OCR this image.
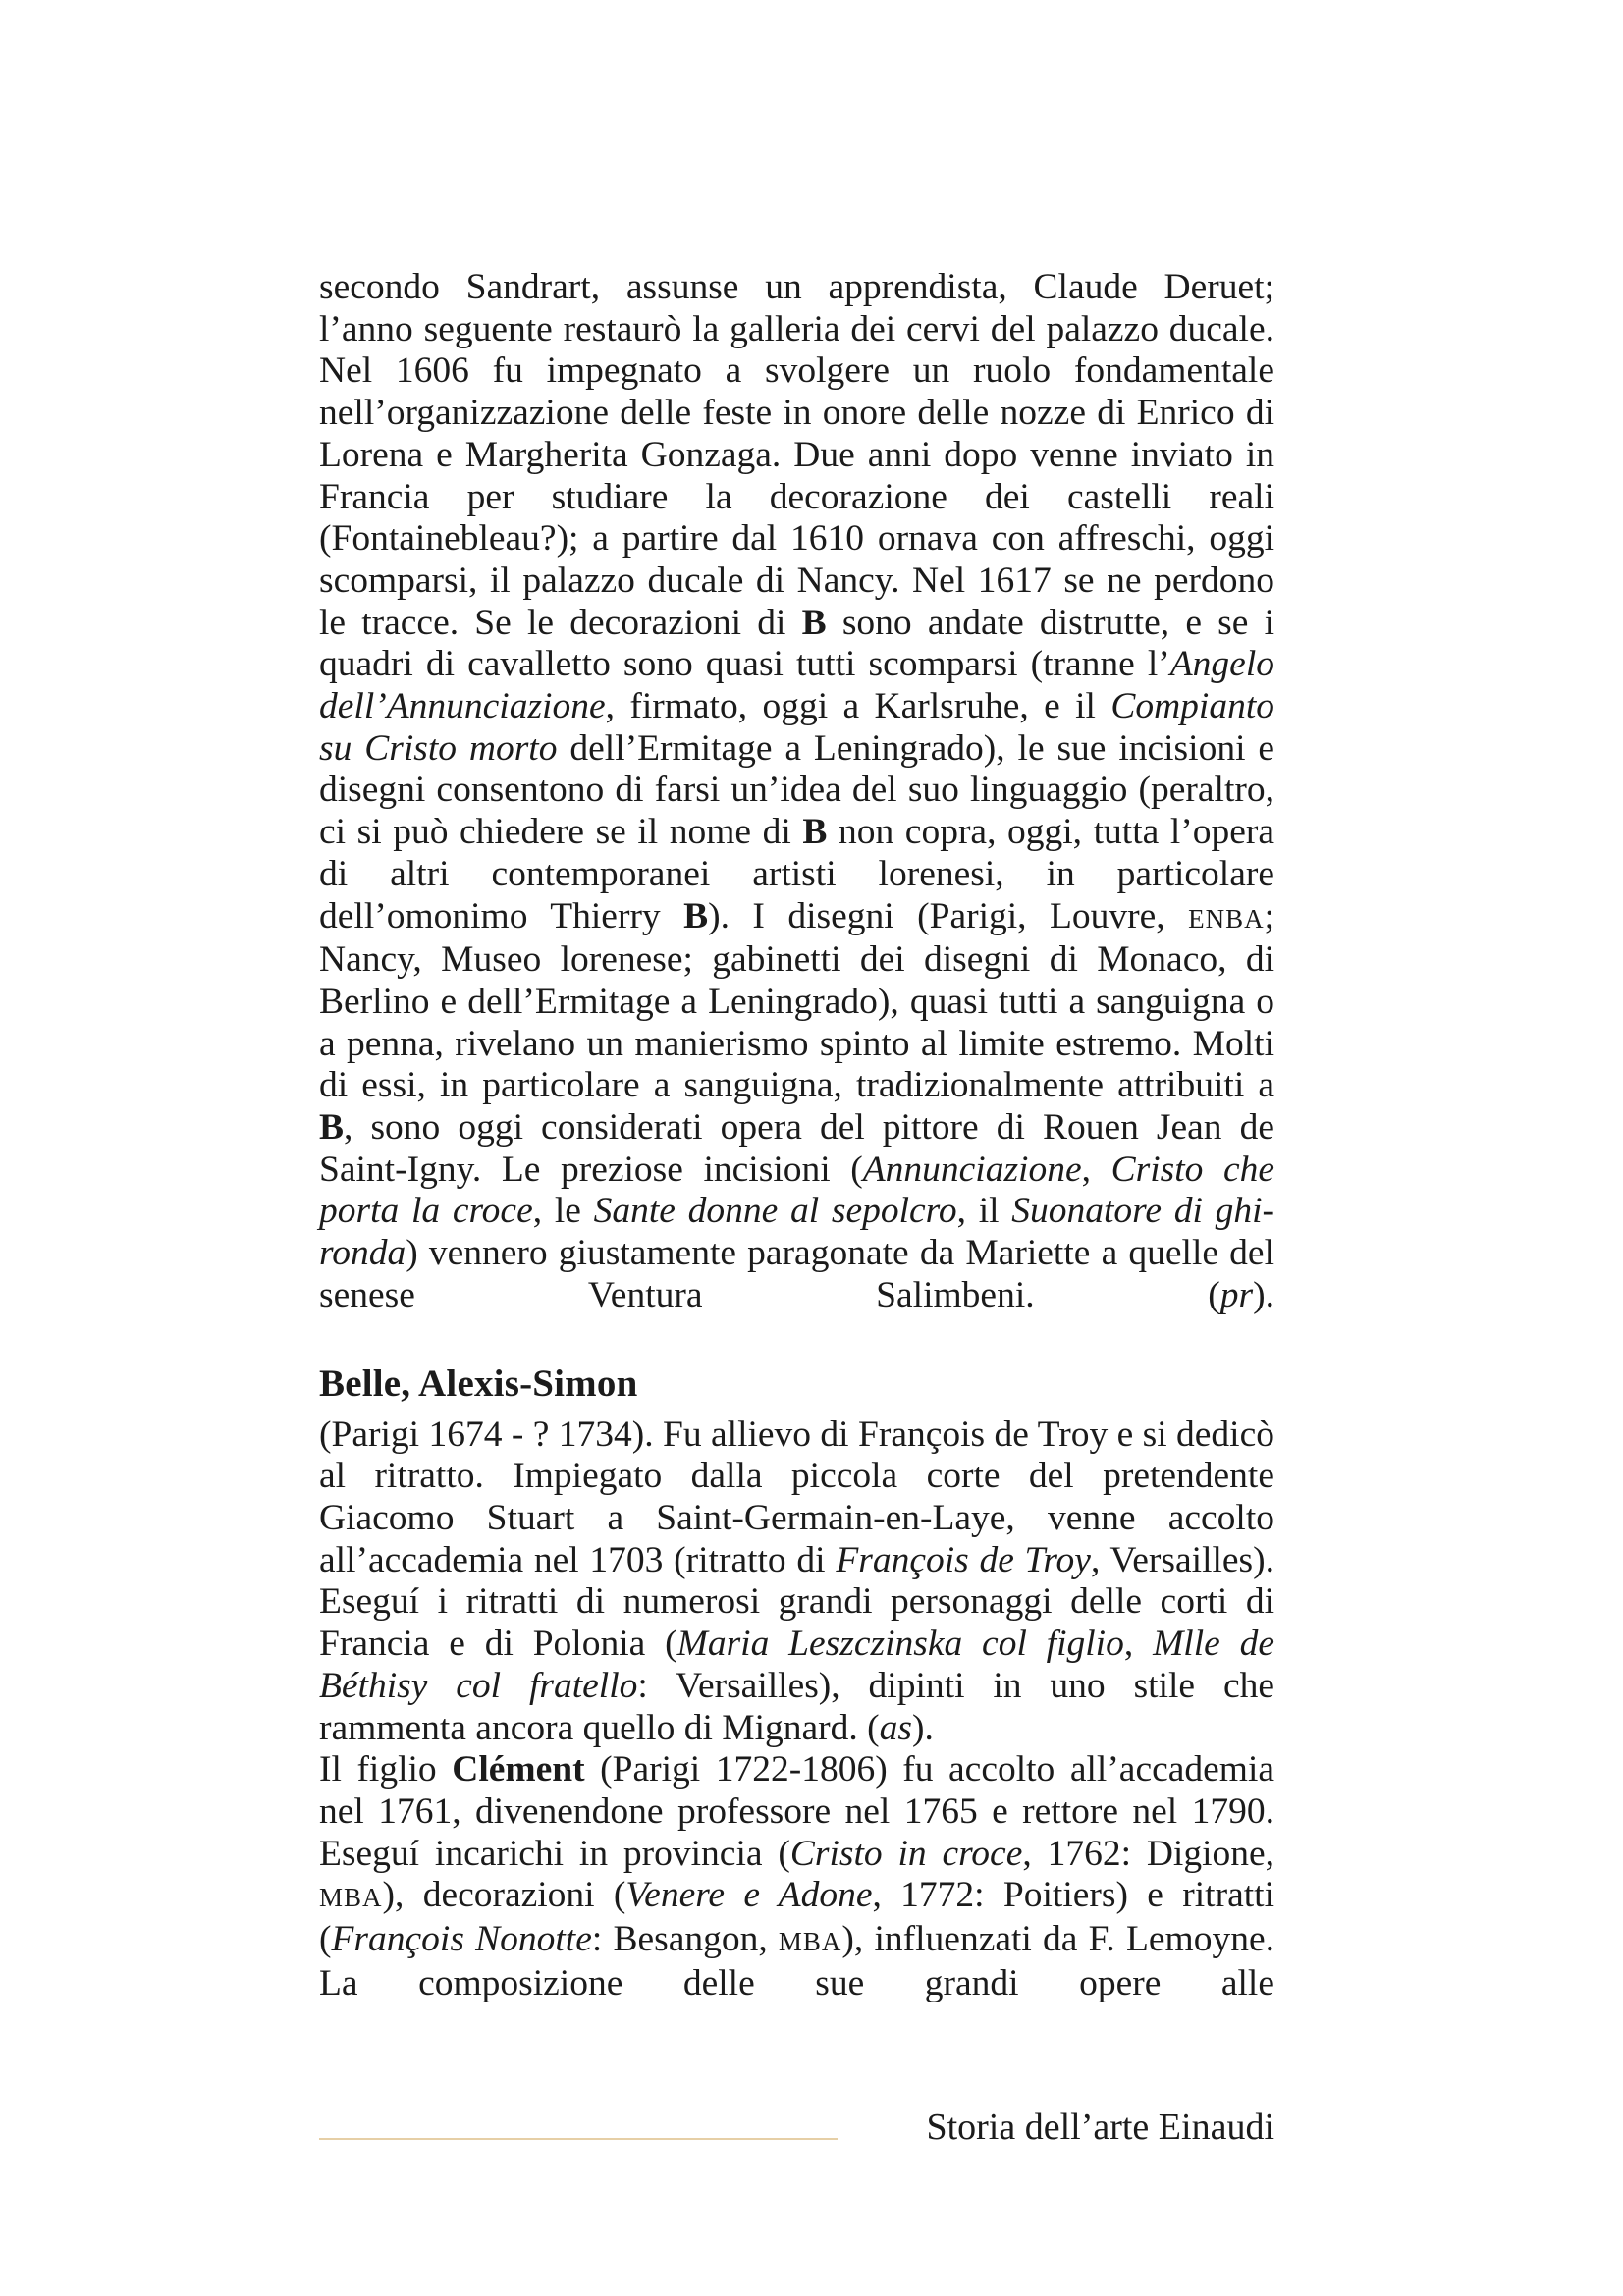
secondo Sandrart, assunse un apprendista, Claude Deruet; l’anno seguente restaurò la galleria dei cervi del palazzo ducale. Nel 1606 fu impegnato a svolgere un ruolo fondamentale nell’organizzazione delle feste in onore delle nozze di Enrico di Lorena e Margherita Gonzaga. Due anni dopo venne inviato in Francia per studiare la decorazione dei castelli reali (Fontainebleau?); a partire dal 1610 ornava con affreschi, oggi scomparsi, il palazzo ducale di Nancy. Nel 1617 se ne perdono le tracce. Se le decorazioni di B sono andate distrutte, e se i quadri di cavalletto sono quasi tutti scomparsi (tranne l’Angelo dell’Annunciazione, firmato, oggi a Karlsruhe, e il Compianto su Cristo morto dell’Ermitage a Leningrado), le sue incisioni e disegni consentono di farsi un’idea del suo linguaggio (peraltro, ci si può chiedere se il nome di B non copra, oggi, tutta l’opera di altri contemporanei artisti lorenesi, in particolare dell’omonimo Thierry B). I disegni (Parigi, Louvre, ENBA; Nancy, Museo lorenese; gabinetti dei disegni di Monaco, di Berlino e dell’Ermitage a Leningrado), quasi tutti a sanguigna o a penna, rivelano un manierismo spinto al limite estremo. Molti di essi, in particolare a sanguigna, tradizionalmente attribuiti a B, sono oggi considerati opera del pittore di Rouen Jean de Saint-Igny. Le preziose incisioni (Annunciazione, Cristo che porta la croce, le Sante donne al sepolcro, il Suonatore di ghironda) vennero giustamente paragonate da Mariette a quelle del senese Ventura Salimbeni. (pr).

Belle, Alexis-Simon

(Parigi 1674 - ? 1734). Fu allievo di François de Troy e si dedicò al ritratto. Impiegato dalla piccola corte del pretendente Giacomo Stuart a Saint-Germain-en-Laye, venne accolto all’accademia nel 1703 (ritratto di François de Troy, Versailles). Eseguí i ritratti di numerosi grandi personaggi delle corti di Francia e di Polonia (Maria Leszczinska col figlio, Mlle de Béthisy col fratello: Versailles), dipinti in uno stile che rammenta ancora quello di Mignard. (as).

Il figlio Clément (Parigi 1722-1806) fu accolto all’accademia nel 1761, divenendone professore nel 1765 e rettore nel 1790. Eseguí incarichi in provincia (Cristo in croce, 1762: Digione, MBA), decorazioni (Venere e Adone, 1772: Poitiers) e ritratti (François Nonotte: Besangon, MBA), influenzati da F. Lemoyne. La composizione delle sue grandi opere alle

Storia dell’arte Einaudi
